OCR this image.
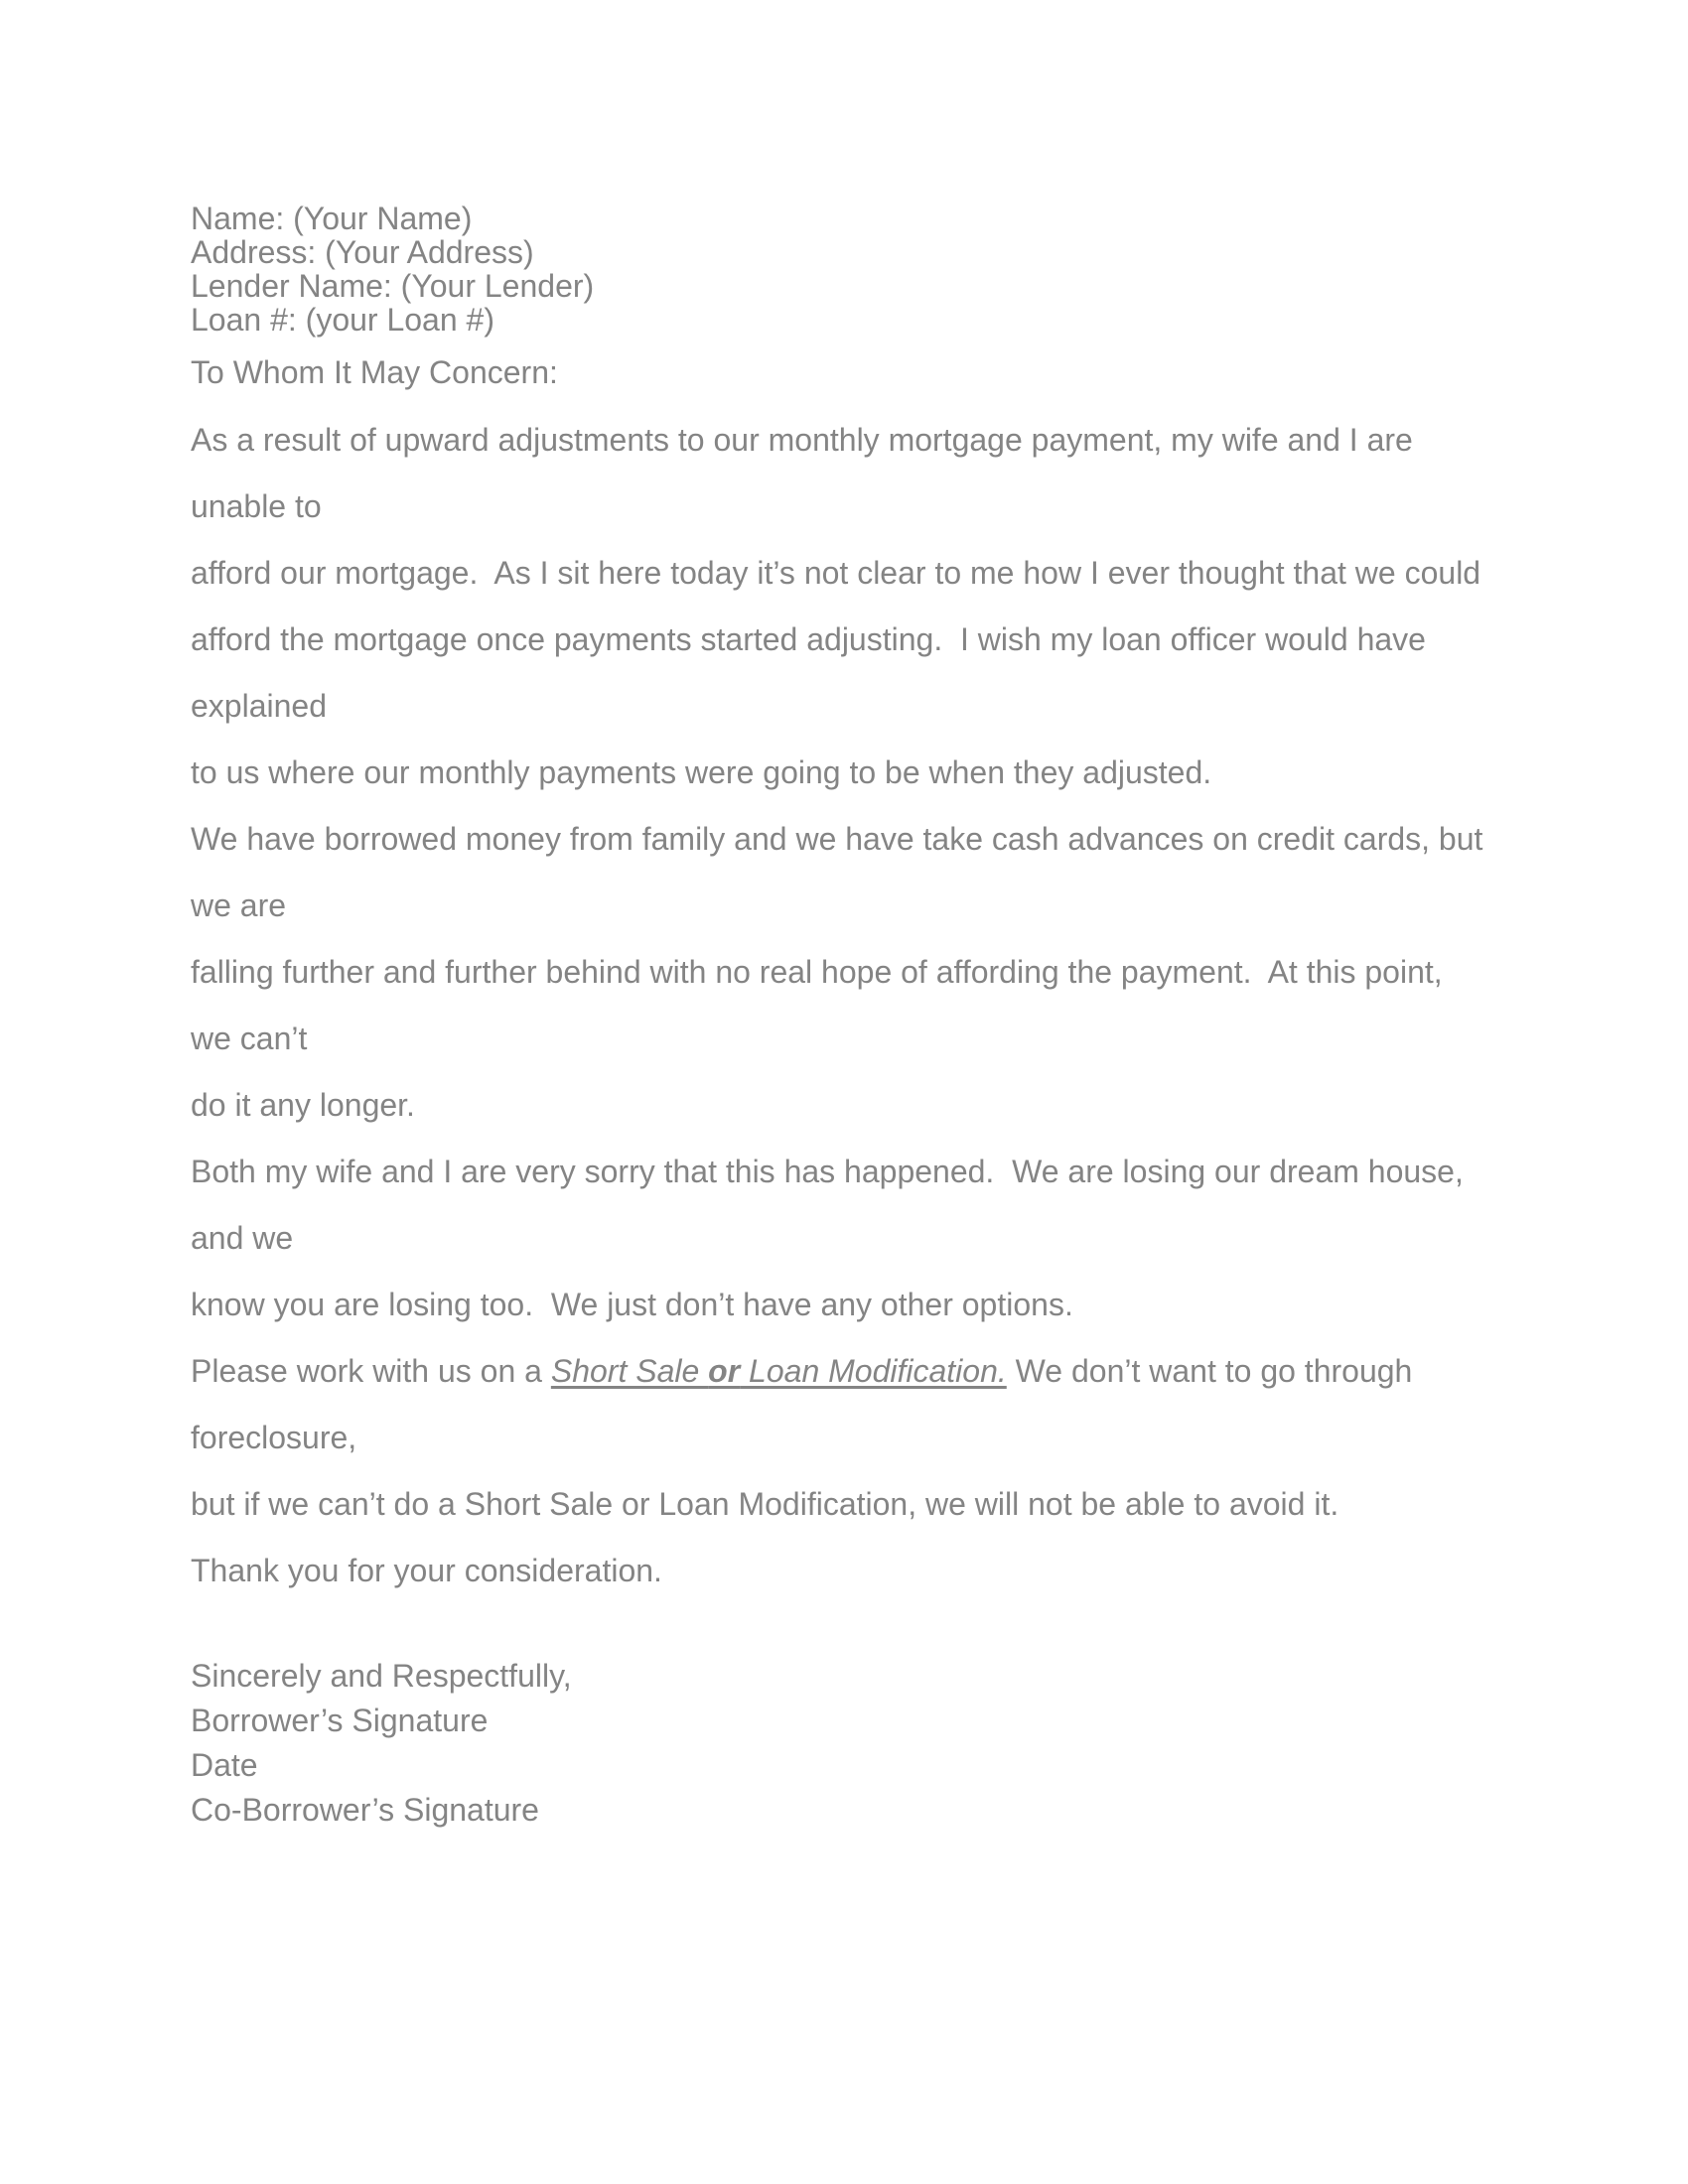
Name: (Your Name)
Address: (Your Address)
Lender Name: (Your Lender)
Loan #: (your Loan #)
To Whom It May Concern:

As a result of upward adjustments to our monthly mortgage payment, my wife and I are unable to
afford our mortgage.  As I sit here today it’s not clear to me how I ever thought that we could
afford the mortgage once payments started adjusting.  I wish my loan officer would have explained
to us where our monthly payments were going to be when they adjusted.

We have borrowed money from family and we have take cash advances on credit cards, but we are
falling further and further behind with no real hope of affording the payment.  At this point, we can’t
do it any longer.

Both my wife and I are very sorry that this has happened.  We are losing our dream house, and we
know you are losing too.  We just don’t have any other options.

Please work with us on a Short Sale or Loan Modification. We don’t want to go through foreclosure,
but if we can’t do a Short Sale or Loan Modification, we will not be able to avoid it.

Thank you for your consideration.

Sincerely and Respectfully,
Borrower’s Signature
Date
Co-Borrower’s Signature
